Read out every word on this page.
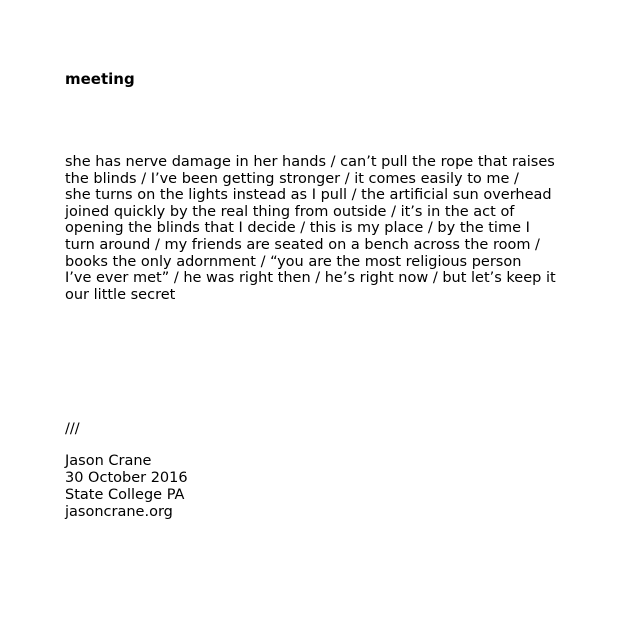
meeting
she has nerve damage in her hands / can’t pull the rope that raises
the blinds / I’ve been getting stronger / it comes easily to me /
she turns on the lights instead as I pull / the artificial sun overhead
joined quickly by the real thing from outside / it’s in the act of
opening the blinds that I decide / this is my place / by the time I
turn around / my friends are seated on a bench across the room /
books the only adornment / “you are the most religious person
I’ve ever met” / he was right then / he’s right now / but let’s keep it
our little secret
///
Jason Crane
30 October 2016
State College PA
jasoncrane.org
